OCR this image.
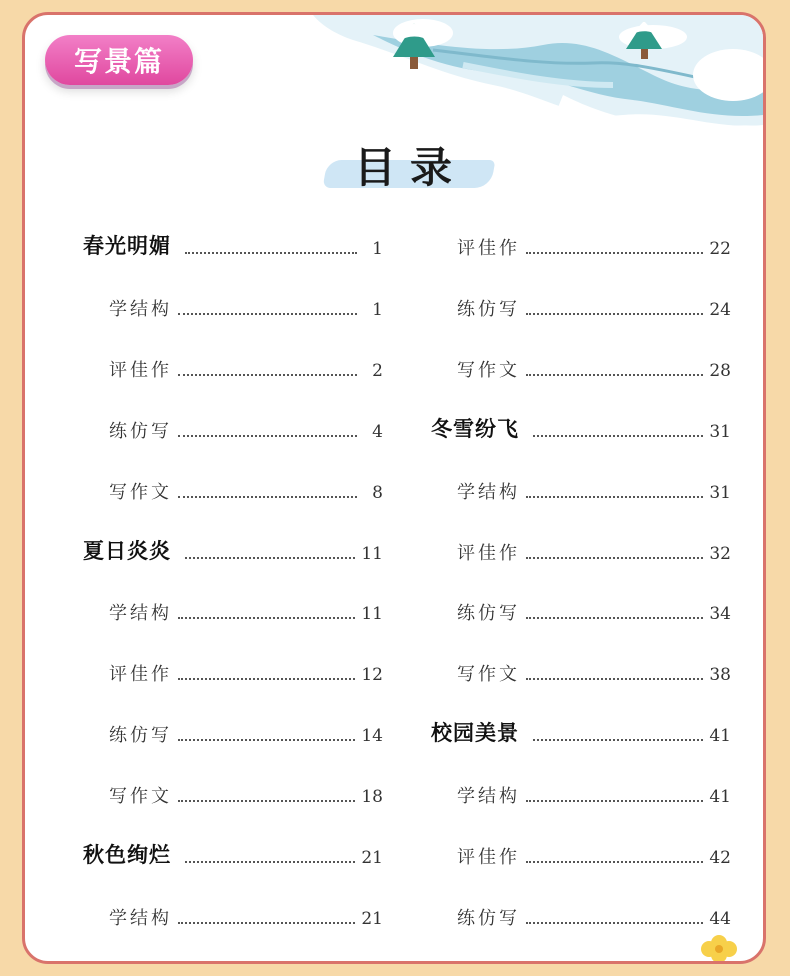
写景篇
目录
春光明媚	1
学结构	1
评佳作	2
练仿写	4
写作文	8
夏日炎炎	11
学结构	11
评佳作	12
练仿写	14
写作文	18
秋色绚烂	21
学结构	21
评佳作	22
练仿写	24
写作文	28
冬雪纷飞	31
学结构	31
评佳作	32
练仿写	34
写作文	38
校园美景	41
学结构	41
评佳作	42
练仿写	44
